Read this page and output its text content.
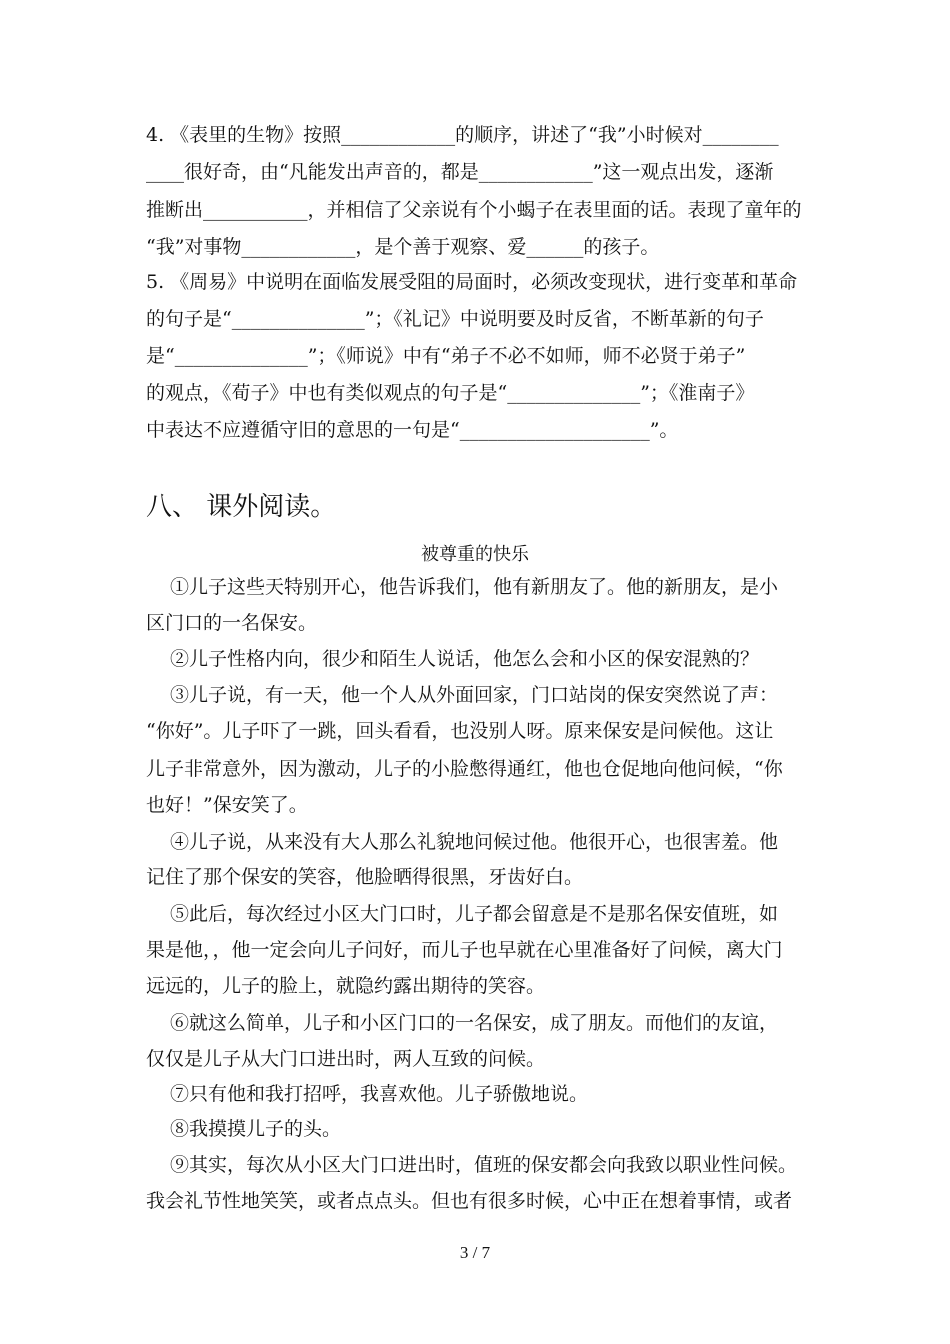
4. 《表里的生物》按照____________的顺序，讲述了“我”小时候对________
____很好奇，由“凡能发出声音的，都是____________”这一观点出发，逐渐
推断出___________，并相信了父亲说有个小蝎子在表里面的话。表现了童年的
“我”对事物____________，是个善于观察、爱______的孩子。
5. 《周易》中说明在面临发展受阻的局面时，必须改变现状，进行变革和革命
的句子是“______________”；《礼记》中说明要及时反省，不断革新的句子
是“______________”；《师说》中有“弟子不必不如师，师不必贤于弟子”
的观点，《荀子》中也有类似观点的句子是“______________”；《淮南子》
中表达不应遵循守旧的意思的一句是“____________________”。
八、 课外阅读。
被尊重的快乐
①儿子这些天特别开心，他告诉我们，他有新朋友了。他的新朋友，是小
区门口的一名保安。
②儿子性格内向，很少和陌生人说话，他怎么会和小区的保安混熟的？
③儿子说，有一天，他一个人从外面回家，门口站岗的保安突然说了声：
“你好”。儿子吓了一跳，回头看看，也没别人呀。原来保安是问候他。这让
儿子非常意外，因为激动，儿子的小脸憋得通红，他也仓促地向他问候，“你
也好！”保安笑了。
④儿子说，从来没有大人那么礼貌地问候过他。他很开心，也很害羞。他
记住了那个保安的笑容，他脸晒得很黑，牙齿好白。
⑤此后，每次经过小区大门口时，儿子都会留意是不是那名保安值班，如
果是他，，他一定会向儿子问好，而儿子也早就在心里准备好了问候，离大门
远远的，儿子的脸上，就隐约露出期待的笑容。
⑥就这么简单，儿子和小区门口的一名保安，成了朋友。而他们的友谊，
仅仅是儿子从大门口进出时，两人互致的问候。
⑦只有他和我打招呼，我喜欢他。儿子骄傲地说。
⑧我摸摸儿子的头。
⑨其实，每次从小区大门口进出时，值班的保安都会向我致以职业性问候。
我会礼节性地笑笑，或者点点头。但也有很多时候，心中正在想着事情，或者
3 / 7
